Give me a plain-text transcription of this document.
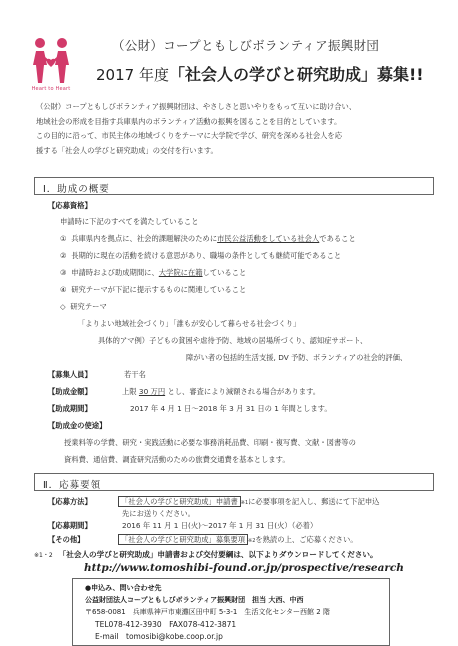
Heart to Heart
（公財）コープともしびボランティア振興財団
2017 年度「社会人の学びと研究助成」募集!!
（公財）コープともしびボランティア振興財団は、やさしさと思いやりをもって互いに助け合い、
地域社会の形成を目指す兵庫県内のボランティア活動の振興を図ることを目的としています。
この目的に沿って、市民主体の地域づくりをテーマに大学院で学び、研究を深める社会人を応
援する「社会人の学びと研究助成」の交付を行います。
Ⅰ．助成の概要
【応募資格】
申請時に下記のすべてを満たしていること
① 兵庫県内を拠点に、社会的課題解決のために市民公益活動をしている社会人であること
② 長期的に現在の活動を続ける意思があり、職場の条件としても継続可能であること
③ 申請時および助成期間に、大学院に在籍していること
④ 研究テーマが下記に提示するものに関連していること
◇ 研究テーマ
「よりよい地域社会づくり」「誰もが安心して暮らせる社会づくり」
具体的アマ例）子どもの貧困や虐待予防、地域の居場所づくり、認知症サポート、
障がい者の包括的生活支援, DV 予防、ボランティアの社会的評価、
【募集人員】	若干名
【助成金額】	上限 30 万円 とし、審査により減額される場合があります。
【助成期間】	2017 年 4 月 1 日～2018 年 3 月 31 日の 1 年間とします。
【助成金の使途】
授業料等の学費、研究・実践活動に必要な事務消耗品費、印刷・複写費、文献・図書等の
資料費、通信費、調査研究活動のための旅費交通費を基本とします。
Ⅱ．応募要領
【応募方法】	「社会人の学びと研究助成」申請書 ※1に必要事項を記入し、郵送にて下記申込
先にお送りください。
【応募期間】	2016 年 11 月 1 日(火)～2017 年 1 月 31 日(火）（必着）
【その他】	「社会人の学びと研究助成」募集要項 ※2を熟読の上、ご応募ください。
※1・2 「社会人の学びと研究助成」申請書および交付要綱は、以下よりダウンロードしてください。
http://www.tomoshibi-found.or.jp/prospective/research
●申込み、問い合わせ先
公益財団法人コープともしびボランティア振興財団　担当 大西、中西
〒658-0081　兵庫県神戸市東灘区田中町 5-3-1　生活文化センター西館 2 階
TEL078-412-3930　FAX078-412-3871
E-mail　tomosibi@kobe.coop.or.jp
